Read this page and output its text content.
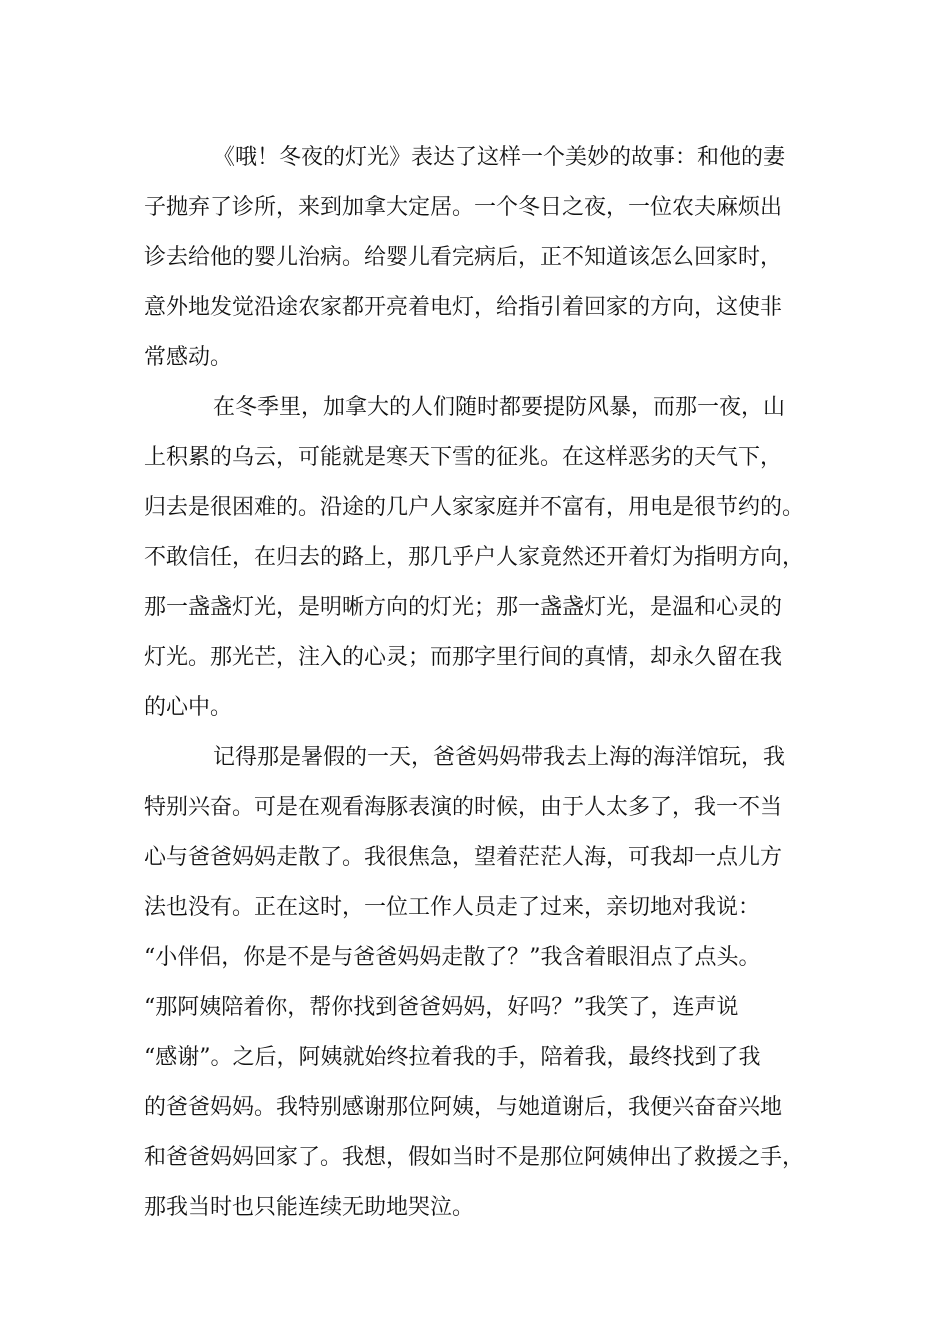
《哦！冬夜的灯光》表达了这样一个美妙的故事：和他的妻
子抛弃了诊所，来到加拿大定居。一个冬日之夜，一位农夫麻烦出
诊去给他的婴儿治病。给婴儿看完病后，正不知道该怎么回家时，
意外地发觉沿途农家都开亮着电灯，给指引着回家的方向，这使非
常感动。
在冬季里，加拿大的人们随时都要提防风暴，而那一夜，山
上积累的乌云，可能就是寒天下雪的征兆。在这样恶劣的天气下，
归去是很困难的。沿途的几户人家家庭并不富有，用电是很节约的。
不敢信任，在归去的路上，那几乎户人家竟然还开着灯为指明方向，
那一盏盏灯光，是明晰方向的灯光；那一盏盏灯光，是温和心灵的
灯光。那光芒，注入的心灵；而那字里行间的真情，却永久留在我
的心中。
记得那是暑假的一天，爸爸妈妈带我去上海的海洋馆玩，我
特别兴奋。可是在观看海豚表演的时候，由于人太多了，我一不当
心与爸爸妈妈走散了。我很焦急，望着茫茫人海，可我却一点儿方
法也没有。正在这时，一位工作人员走了过来，亲切地对我说：
“小伴侣，你是不是与爸爸妈妈走散了？”我含着眼泪点了点头。
“那阿姨陪着你，帮你找到爸爸妈妈，好吗？”我笑了，连声说
“感谢”。之后，阿姨就始终拉着我的手，陪着我，最终找到了我
的爸爸妈妈。我特别感谢那位阿姨，与她道谢后，我便兴奋奋兴地
和爸爸妈妈回家了。我想，假如当时不是那位阿姨伸出了救援之手，
那我当时也只能连续无助地哭泣。
